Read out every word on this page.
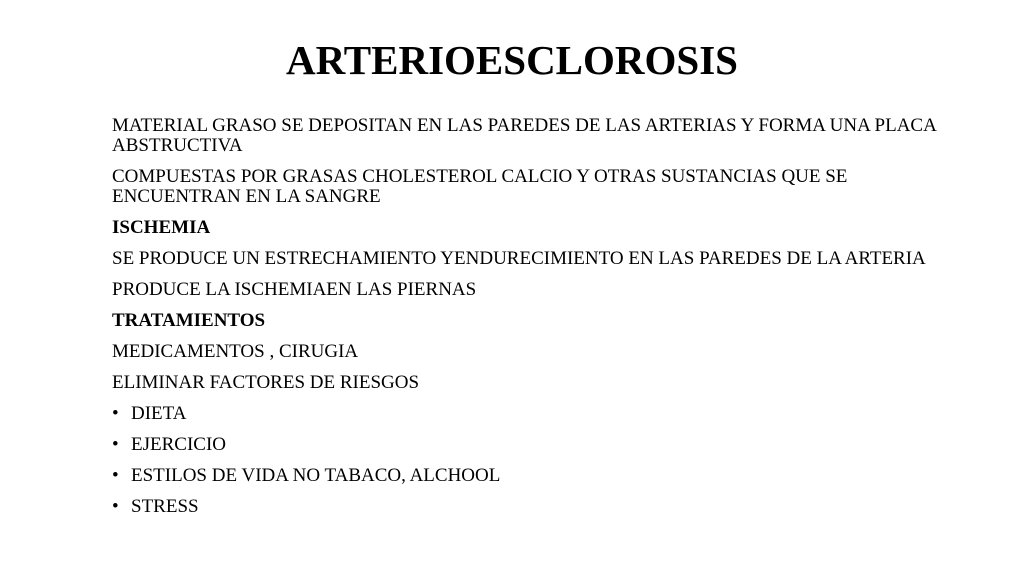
ARTERIOESCLOROSIS

MATERIAL GRASO SE DEPOSITAN EN LAS PAREDES DE LAS ARTERIAS Y FORMA UNA PLACA ABSTRUCTIVA

COMPUESTAS POR GRASAS CHOLESTEROL CALCIO Y OTRAS SUSTANCIAS QUE SE ENCUENTRAN EN LA SANGRE

ISCHEMIA

SE PRODUCE UN ESTRECHAMIENTO YENDURECIMIENTO EN LAS PAREDES DE LA ARTERIA

PRODUCE LA ISCHEMIAEN LAS PIERNAS

TRATAMIENTOS

MEDICAMENTOS , CIRUGIA

ELIMINAR FACTORES DE RIESGOS

• DIETA
• EJERCICIO
• ESTILOS DE VIDA NO TABACO, ALCHOOL
• STRESS
